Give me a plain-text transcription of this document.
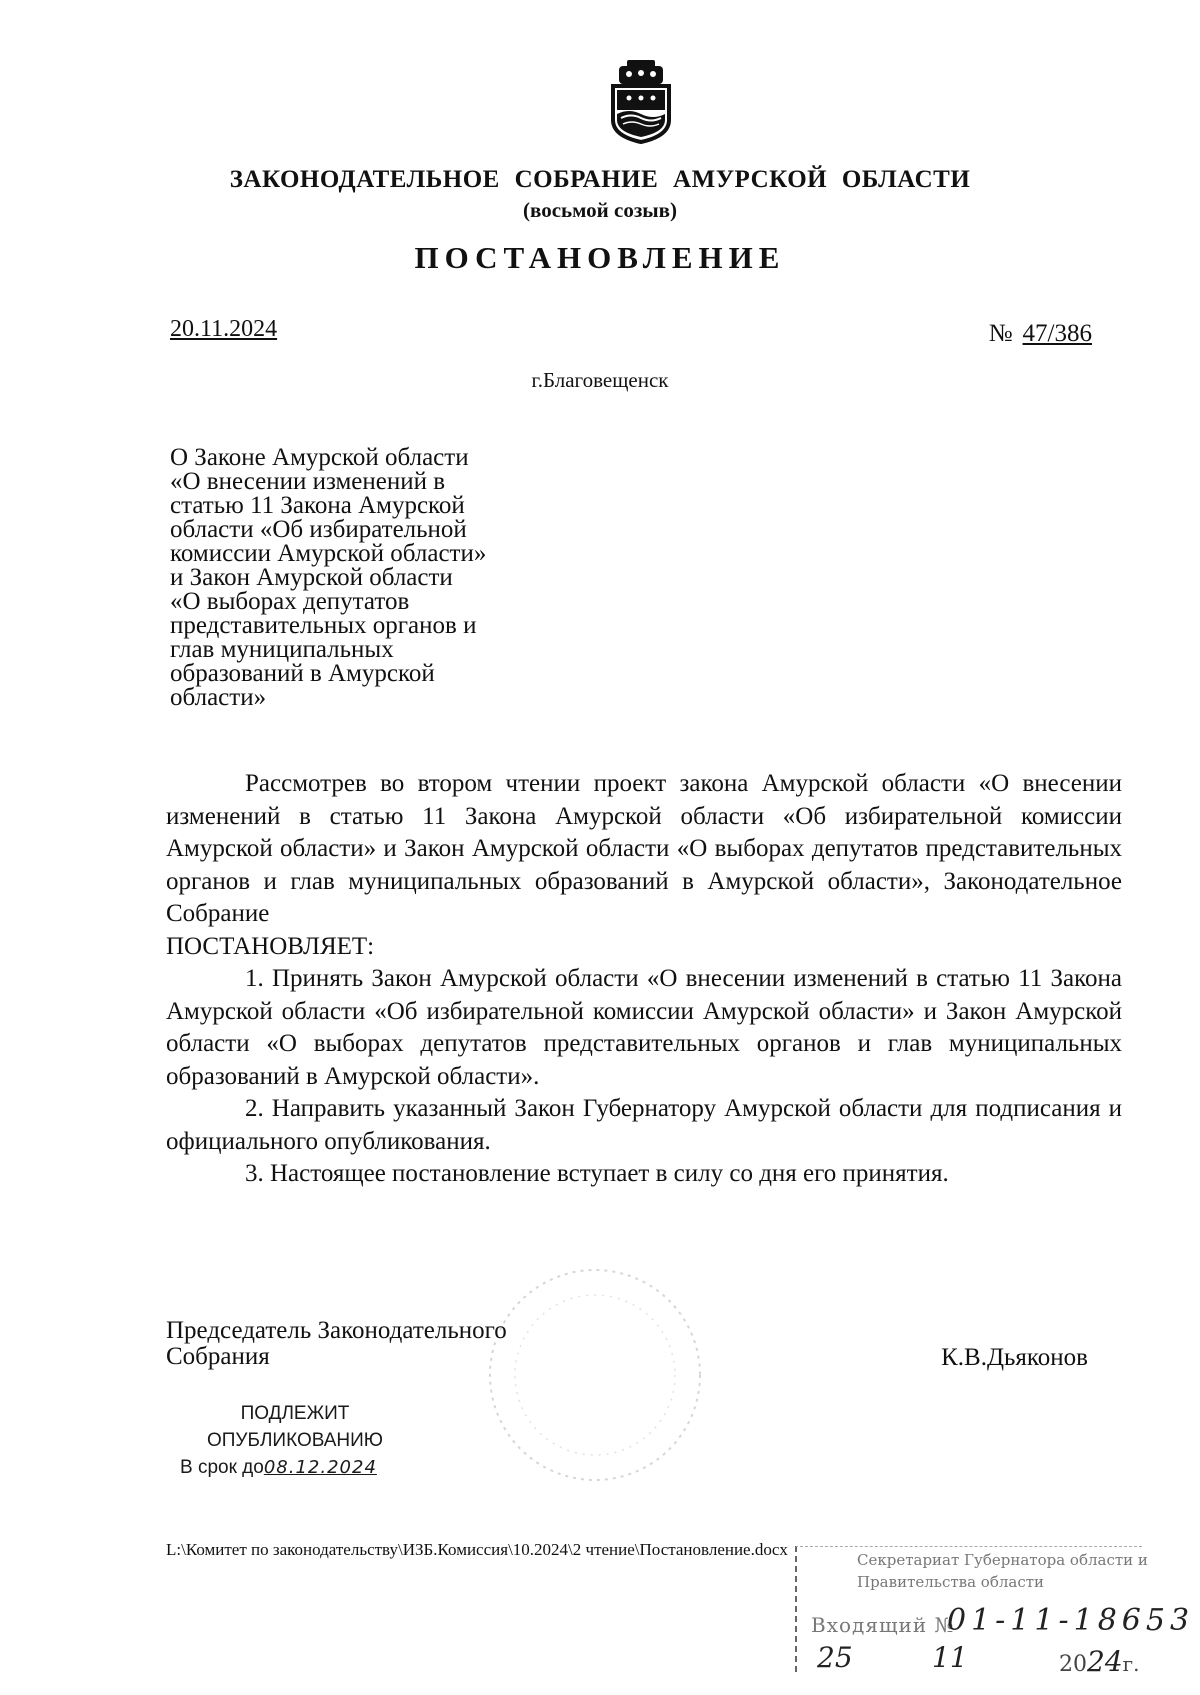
ЗАКОНОДАТЕЛЬНОЕ СОБРАНИЕ АМУРСКОЙ ОБЛАСТИ
(восьмой созыв)
ПОСТАНОВЛЕНИЕ
20.11.2024	№ 47/386
г.Благовещенск
О Законе Амурской области
«О внесении изменений в
статью 11 Закона Амурской
области «Об избирательной
комиссии Амурской области»
и Закон Амурской области
«О выборах депутатов
представительных органов и
глав муниципальных
образований в Амурской
области»

Рассмотрев во втором чтении проект закона Амурской области «О внесении изменений в статью 11 Закона Амурской области «Об избирательной комиссии Амурской области» и Закон Амурской области «О выборах депутатов представительных органов и глав муниципальных образований в Амурской области», Законодательное Собрание

ПОСТАНОВЛЯЕТ:

1. Принять Закон Амурской области «О внесении изменений в статью 11 Закона Амурской области «Об избирательной комиссии Амурской области» и Закон Амурской области «О выборах депутатов представительных органов и глав муниципальных образований в Амурской области».

2. Направить указанный Закон Губернатору Амурской области для подписания и официального опубликования.

3. Настоящее постановление вступает в силу со дня его принятия.

Председатель Законодательного
Собрания	К.В.Дьяконов
ПОДЛЕЖИТ
ОПУБЛИКОВАНИЮ
В срок до08.12.2024
L:\Комитет по законодательству\ИЗБ.Комиссия\10.2024\2 чтение\Постановление.docx
Секретариат Губернатора области и
Правительства области
Входящий №
01-11-18653
25	11	2024г.
